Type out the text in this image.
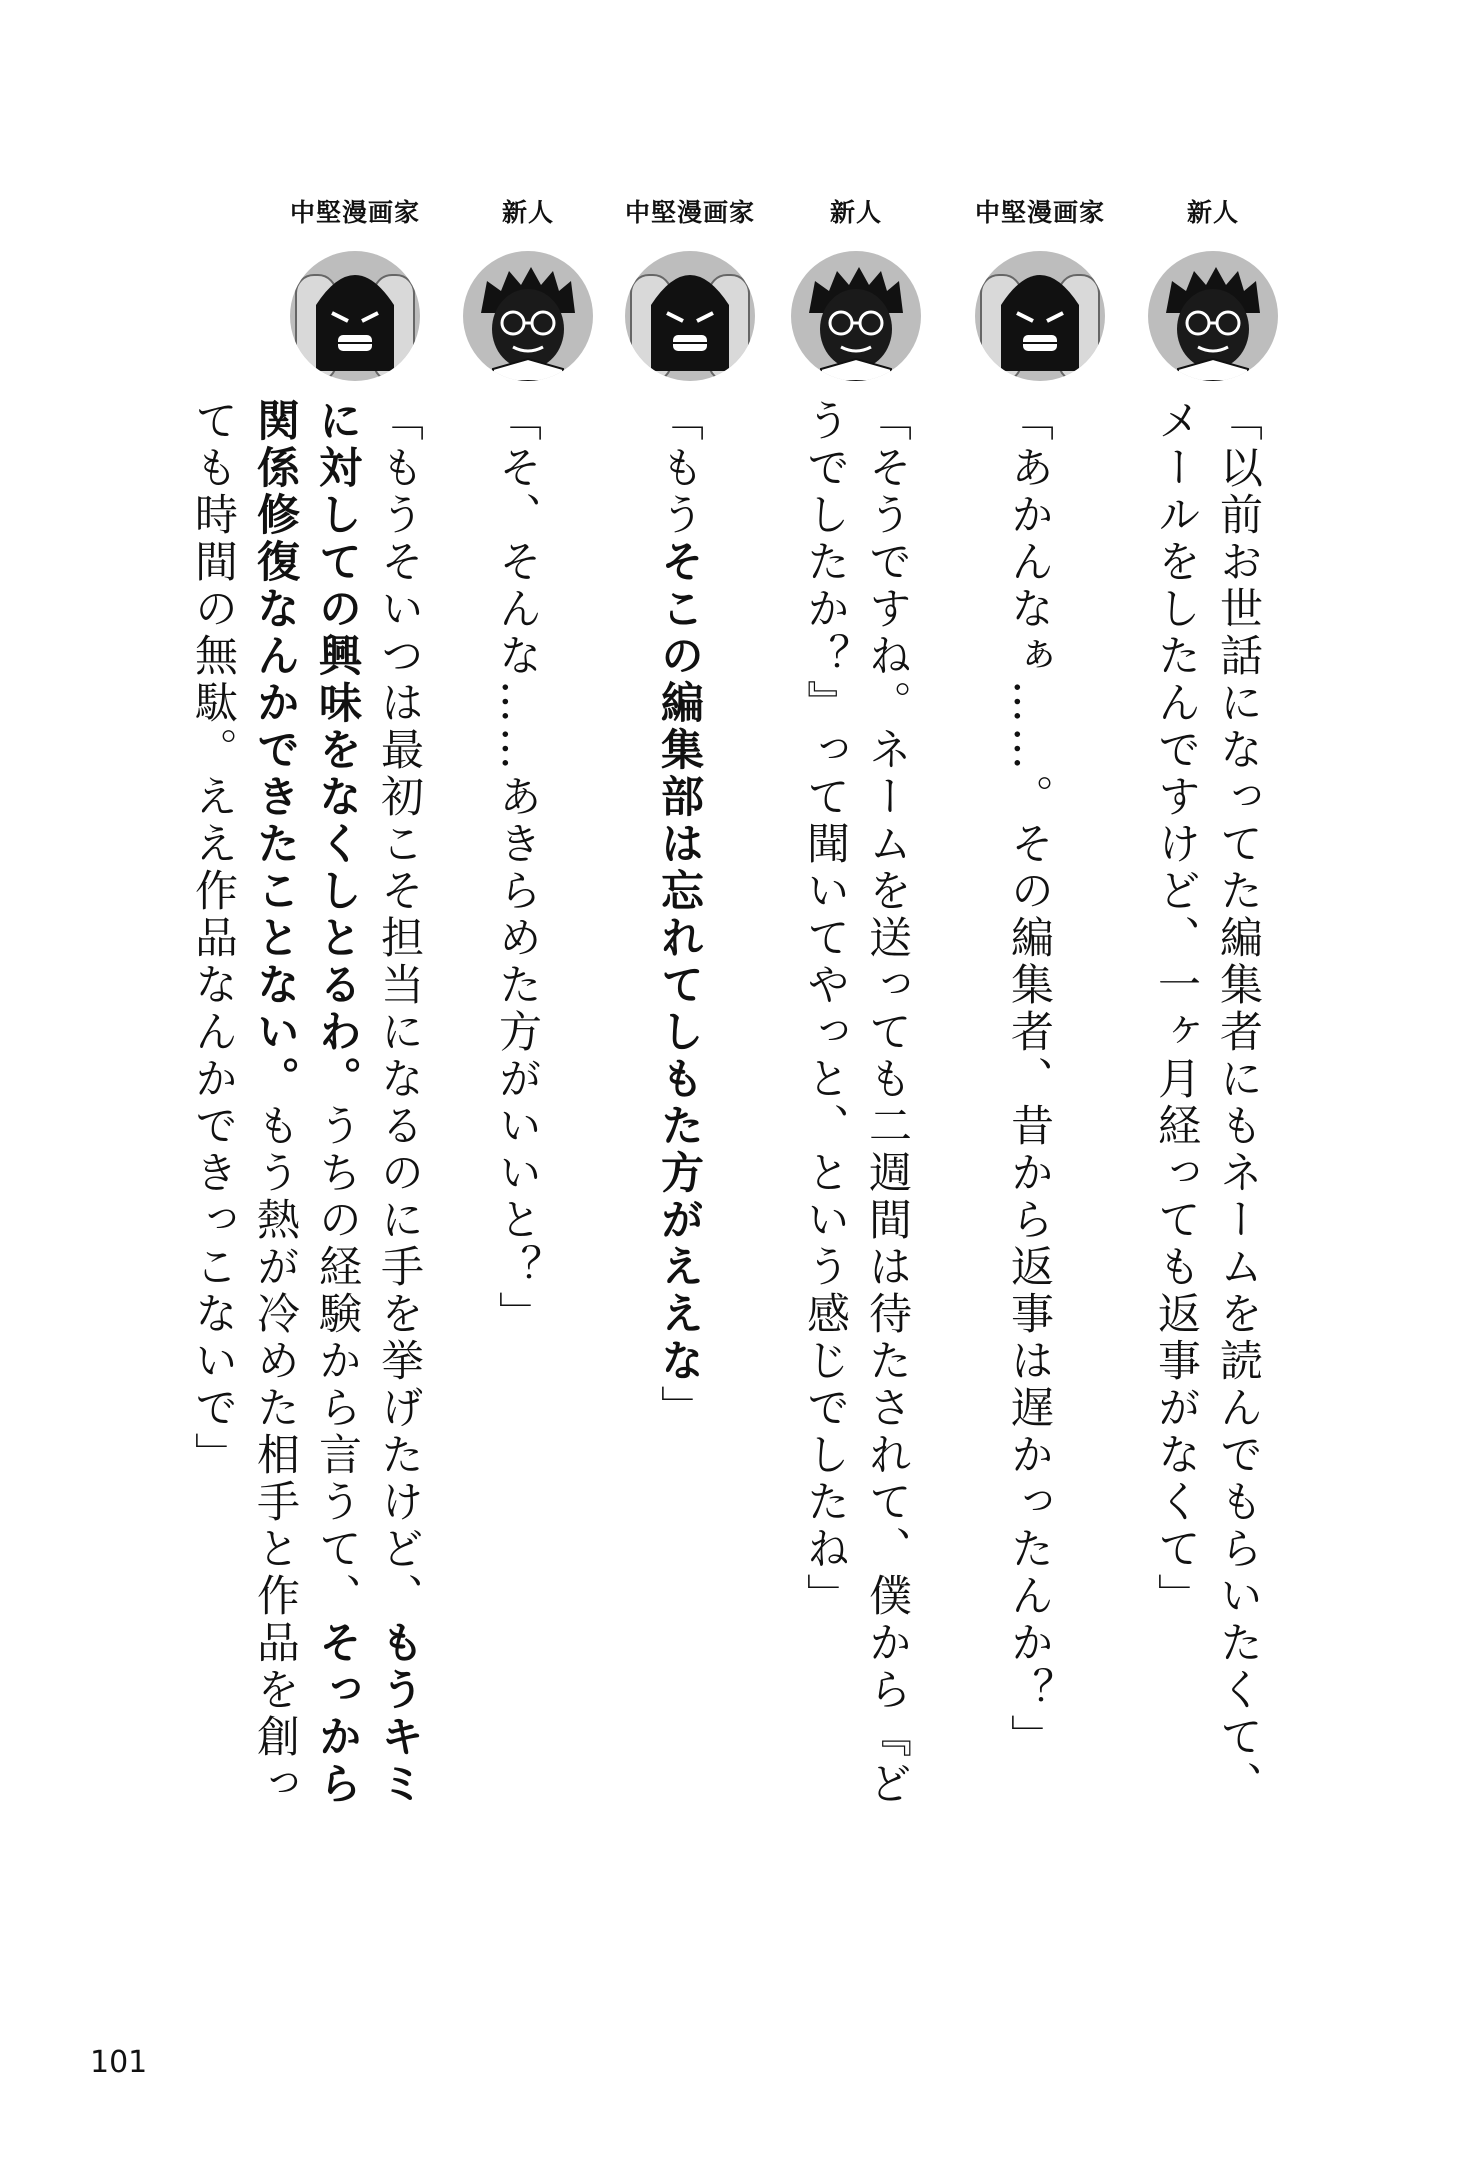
新人
中堅漫画家
新人
中堅漫画家
新人
中堅漫画家

「以前お世話になってた編集者にもネームを読んでもらいたくて、メールをしたんですけど、一ヶ月経っても返事がなくて」

「あかんなぁ……。その編集者、昔から返事は遅かったんか？」

「そうですね。ネームを送っても二週間は待たされて、僕から『どうでしたか？』って聞いてやっと、という感じでしたね」

「もうそこの編集部は忘れてしもた方がええな」

「そ、そんな……あきらめた方がいいと？」

「もうそいつは最初こそ担当になるのに手を挙げたけど、もうキミに対しての興味をなくしとるわ。うちの経験から言うて、そっから関係修復なんかできたことない。もう熱が冷めた相手と作品を創っても時間の無駄。ええ作品なんかできっこないで」

101
